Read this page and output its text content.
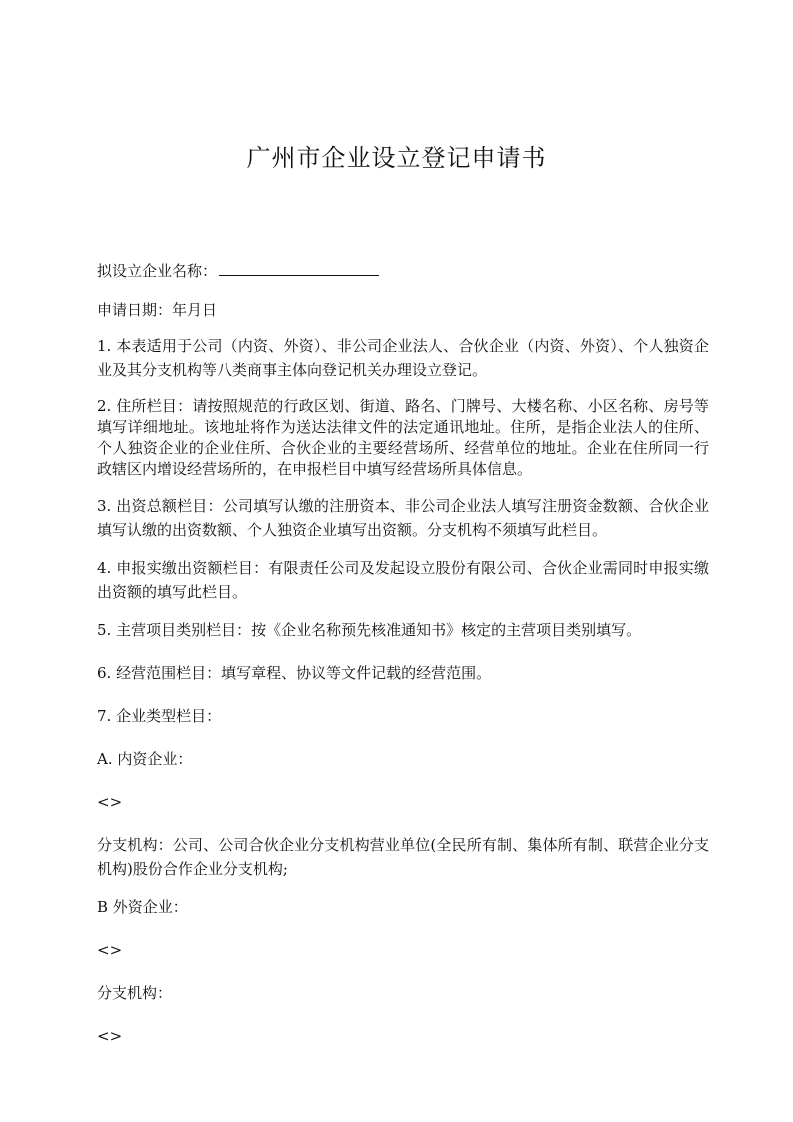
广州市企业设立登记申请书

拟设立企业名称：

申请日期：年月日

1. 本表适用于公司（内资、外资）、非公司企业法人、合伙企业（内资、外资）、个人独资企业及其分支机构等八类商事主体向登记机关办理设立登记。

2. 住所栏目：请按照规范的行政区划、街道、路名、门牌号、大楼名称、小区名称、房号等填写详细地址。该地址将作为送达法律文件的法定通讯地址。住所，是指企业法人的住所、个人独资企业的企业住所、合伙企业的主要经营场所、经营单位的地址。企业在住所同一行政辖区内增设经营场所的，在申报栏目中填写经营场所具体信息。

3. 出资总额栏目：公司填写认缴的注册资本、非公司企业法人填写注册资金数额、合伙企业填写认缴的出资数额、个人独资企业填写出资额。分支机构不须填写此栏目。

4. 申报实缴出资额栏目：有限责任公司及发起设立股份有限公司、合伙企业需同时申报实缴出资额的填写此栏目。

5. 主营项目类别栏目：按《企业名称预先核准通知书》核定的主营项目类别填写。

6. 经营范围栏目：填写章程、协议等文件记载的经营范围。

7. 企业类型栏目：

A. 内资企业：

<>

分支机构：公司、公司合伙企业分支机构营业单位(全民所有制、集体所有制、联营企业分支机构)股份合作企业分支机构;

B 外资企业：

<>

分支机构：

<>
